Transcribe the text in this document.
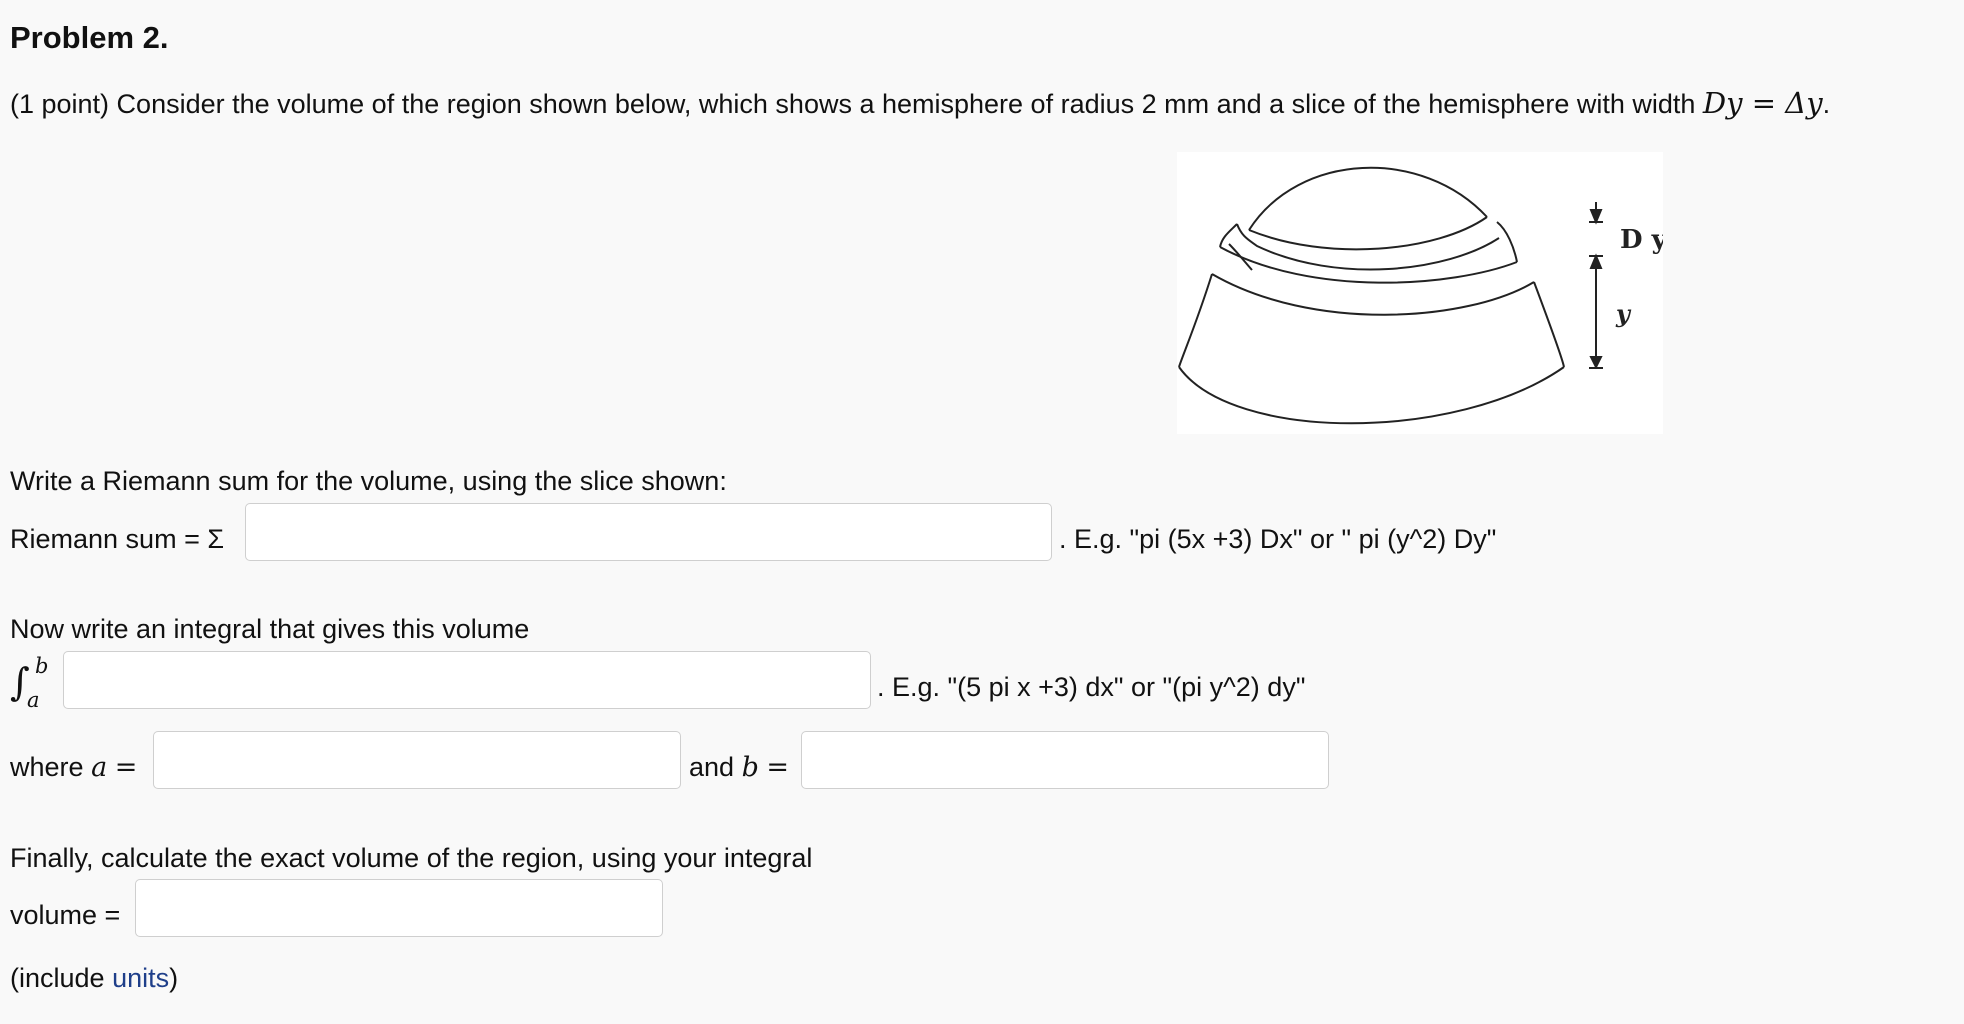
Problem 2.
(1 point) Consider the volume of the region shown below, which shows a hemisphere of radius 2 mm and a slice of the hemisphere with width Dy = Δy.
D y
y
Write a Riemann sum for the volume, using the slice shown:
Riemann sum = Σ	. E.g. "pi (5x +3) Dx" or " pi (y^2) Dy"
Now write an integral that gives this volume
∫ b
a	. E.g. "(5 pi x +3) dx" or "(pi y^2) dy"
where a =	and b =
Finally, calculate the exact volume of the region, using your integral
volume =
(include units)
